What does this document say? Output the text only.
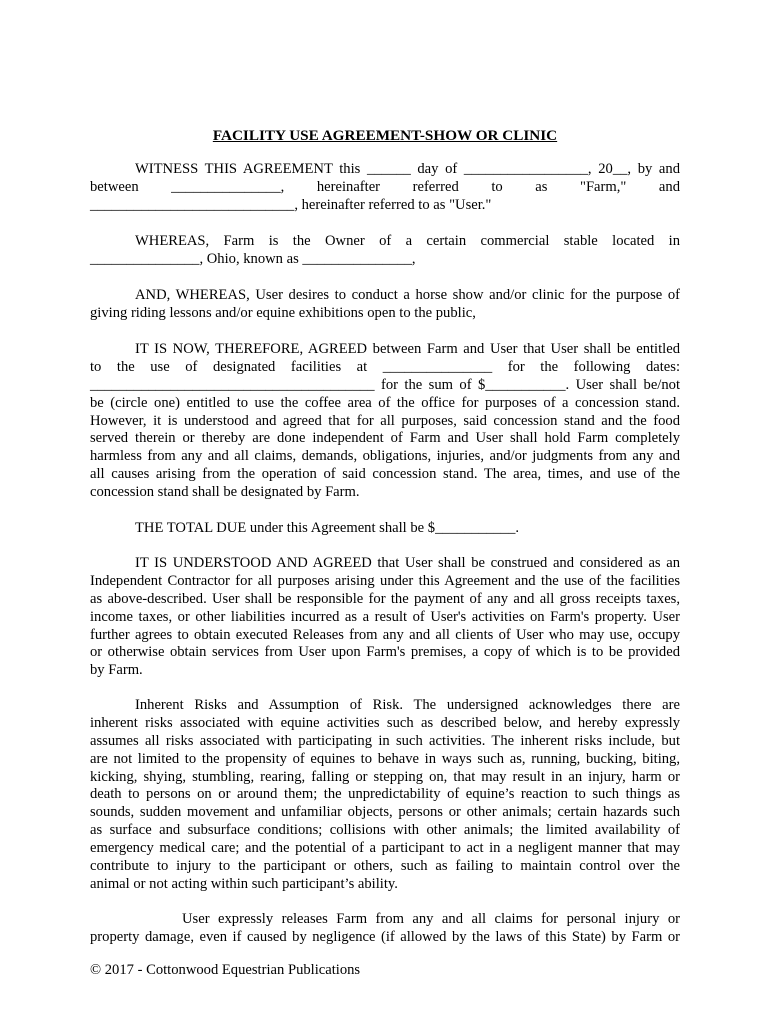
FACILITY USE AGREEMENT-SHOW OR CLINIC
WITNESS THIS AGREEMENT this ______ day of _________________, 20__, by and
between _______________, hereinafter referred to as "Farm," and
____________________________, hereinafter referred to as "User."
WHEREAS, Farm is the Owner of a certain commercial stable located in
_______________, Ohio, known as _______________,
AND, WHEREAS, User desires to conduct a horse show and/or clinic for the purpose of
giving riding lessons and/or equine exhibitions open to the public,
IT IS NOW, THEREFORE, AGREED between Farm and User that User shall be entitled
to the use of designated facilities at _______________ for the following dates:
_______________________________________ for the sum of $___________. User shall be/not
be (circle one) entitled to use the coffee area of the office for purposes of a concession stand.
However, it is understood and agreed that for all purposes, said concession stand and the food
served therein or thereby are done independent of Farm and User shall hold Farm completely
harmless from any and all claims, demands, obligations, injuries, and/or judgments from any and
all causes arising from the operation of said concession stand. The area, times, and use of the
concession stand shall be designated by Farm.
THE TOTAL DUE under this Agreement shall be $___________.
IT IS UNDERSTOOD AND AGREED that User shall be construed and considered as an
Independent Contractor for all purposes arising under this Agreement and the use of the facilities
as above-described. User shall be responsible for the payment of any and all gross receipts taxes,
income taxes, or other liabilities incurred as a result of User's activities on Farm's property. User
further agrees to obtain executed Releases from any and all clients of User who may use, occupy
or otherwise obtain services from User upon Farm's premises, a copy of which is to be provided
by Farm.
Inherent Risks and Assumption of Risk. The undersigned acknowledges there are
inherent risks associated with equine activities such as described below, and hereby expressly
assumes all risks associated with participating in such activities. The inherent risks include, but
are not limited to the propensity of equines to behave in ways such as, running, bucking, biting,
kicking, shying, stumbling, rearing, falling or stepping on, that may result in an injury, harm or
death to persons on or around them; the unpredictability of equine’s reaction to such things as
sounds, sudden movement and unfamiliar objects, persons or other animals; certain hazards such
as surface and subsurface conditions; collisions with other animals; the limited availability of
emergency medical care; and the potential of a participant to act in a negligent manner that may
contribute to injury to the participant or others, such as failing to maintain control over the
animal or not acting within such participant’s ability.
User expressly releases Farm from any and all claims for personal injury or
property damage, even if caused by negligence (if allowed by the laws of this State) by Farm or
© 2017 - Cottonwood Equestrian Publications
